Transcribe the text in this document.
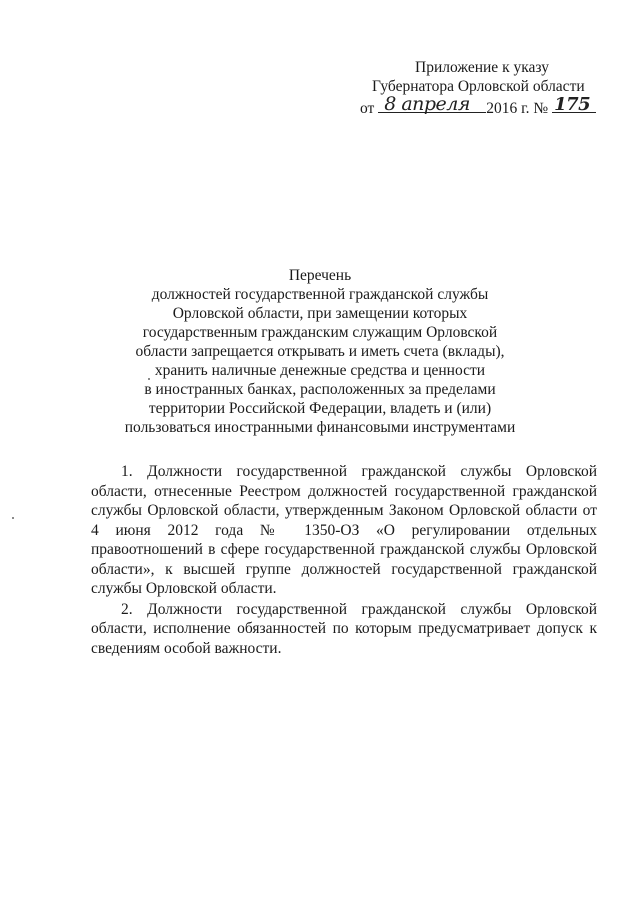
Приложение к указу
Губернатора Орловской области
от 8 апреля 2016 г. № 175
Перечень
должностей государственной гражданской службы
Орловской области, при замещении которых
государственным гражданским служащим Орловской
области запрещается открывать и иметь счета (вклады),
хранить наличные денежные средства и ценности
в иностранных банках, расположенных за пределами
территории Российской Федерации, владеть и (или)
пользоваться иностранными финансовыми инструментами

1. Должности государственной гражданской службы Орловской области, отнесенные Реестром должностей государственной гражданской службы Орловской области, утвержденным Законом Орловской области от 4 июня 2012 года № 1350-ОЗ «О регулировании отдельных правоотношений в сфере государственной гражданской службы Орловской области», к высшей группе должностей государственной гражданской службы Орловской области.

2. Должности государственной гражданской службы Орловской области, исполнение обязанностей по которым предусматривает допуск к сведениям особой важности.
